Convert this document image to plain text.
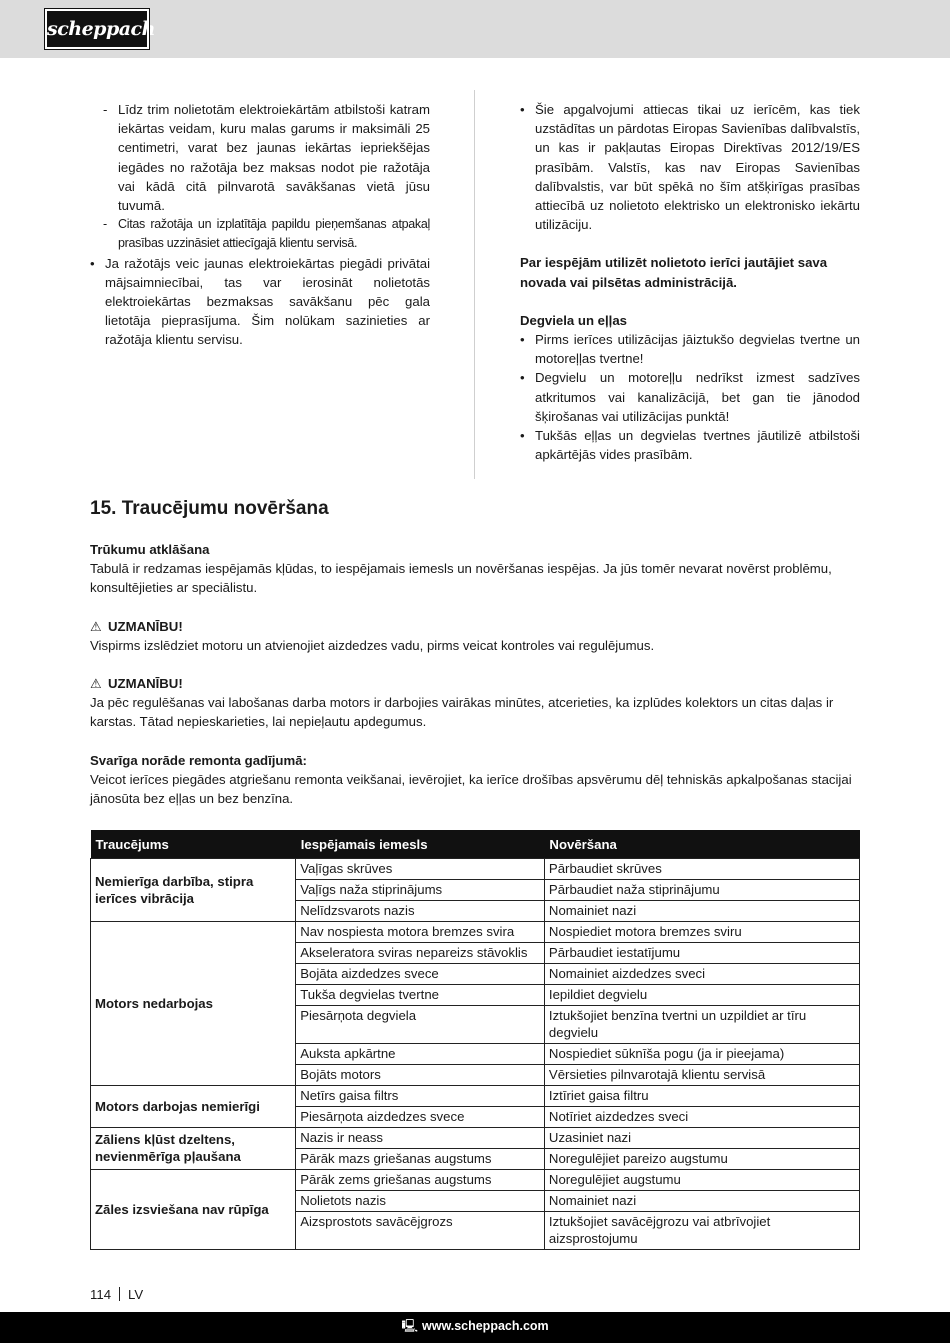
scheppach
- Līdz trim nolietotām elektroiekārtām atbilstoši katram iekārtas veidam, kuru malas garums ir maksimāli 25 centimetri, varat bez jaunas iekārtas iepriekšējas iegādes no ražotāja bez maksas nodot pie ražotāja vai kādā citā pilnvarotā savākšanas vietā jūsu tuvumā.
- Citas ražotāja un izplatītāja papildu pieņemšanas atpakaļ prasības uzzināsiet attiecīgajā klientu servisā.
• Ja ražotājs veic jaunas elektroiekārtas piegādi privātai mājsaimniecībai, tas var ierosināt nolietotās elektroiekārtas bezmaksas savākšanu pēc gala lietotāja pieprasījuma. Šim nolūkam sazinieties ar ražotāja klientu servisu.
• Šie apgalvojumi attiecas tikai uz ierīcēm, kas tiek uzstādītas un pārdotas Eiropas Savienības dalībvalstīs, un kas ir pakļautas Eiropas Direktīvas 2012/19/ES prasībām. Valstīs, kas nav Eiropas Savienības dalībvalstis, var būt spēkā no šīm atšķirīgas prasības attiecībā uz nolietoto elektrisko un elektronisko iekārtu utilizāciju.
Par iespējām utilizēt nolietoto ierīci jautājiet sava novada vai pilsētas administrācijā.
Degviela un eļļas
• Pirms ierīces utilizācijas jāiztukšo degvielas tvertne un motoreļļas tvertne!
• Degvielu un motoreļļu nedrīkst izmest sadzīves atkritumos vai kanalizācijā, bet gan tie jānodod šķirošanas vai utilizācijas punktā!
• Tukšās eļļas un degvielas tvertnes jāutilizē atbilstoši apkārtējās vides prasībām.
15. Traucējumu novēršana
Trūkumu atklāšana
Tabulā ir redzamas iespējamās kļūdas, to iespējamais iemesls un novēršanas iespējas. Ja jūs tomēr nevarat novērst problēmu, konsultējieties ar speciālistu.
⚠ UZMANĪBU!
Vispirms izslēdziet motoru un atvienojiet aizdedzes vadu, pirms veicat kontroles vai regulējumus.
⚠ UZMANĪBU!
Ja pēc regulēšanas vai labošanas darba motors ir darbojies vairākas minūtes, atcerieties, ka izplūdes kolektors un citas daļas ir karstas. Tātad nepieskarieties, lai nepieļautu apdegumus.
Svarīga norāde remonta gadījumā:
Veicot ierīces piegādes atgriešanu remonta veikšanai, ievērojiet, ka ierīce drošības apsvērumu dēļ tehniskās apkalpošanas stacijai jānosūta bez eļļas un bez benzīna.
Traucējums	Iespējamais iemesls	Novēršana
Nemierīga darbība, stipra ierīces vibrācija	Vaļīgas skrūves	Pārbaudiet skrūves
	Vaļīgs naža stiprinājums	Pārbaudiet naža stiprinājumu
	Nelīdzsvarots nazis	Nomainiet nazi
Motors nedarbojas	Nav nospiesta motora bremzes svira	Nospiediet motora bremzes sviru
	Akseleratora sviras nepareizs stāvoklis	Pārbaudiet iestatījumu
	Bojāta aizdedzes svece	Nomainiet aizdedzes sveci
	Tukša degvielas tvertne	Iepildiet degvielu
	Piesārņota degviela	Iztukšojiet benzīna tvertni un uzpildiet ar tīru degvielu
	Auksta apkārtne	Nospiediet sūknīša pogu (ja ir pieejama)
	Bojāts motors	Vērsieties pilnvarotajā klientu servisā
Motors darbojas nemierīgi	Netīrs gaisa filtrs	Iztīriet gaisa filtru
	Piesārņota aizdedzes svece	Notīriet aizdedzes sveci
Zāliens kļūst dzeltens, nevienmērīga pļaušana	Nazis ir neass	Uzasiniet nazi
	Pārāk mazs griešanas augstums	Noregulējiet pareizo augstumu
Zāles izsviešana nav rūpīga	Pārāk zems griešanas augstums	Noregulējiet augstumu
	Nolietots nazis	Nomainiet nazi
	Aizsprostots savācējgrozs	Iztukšojiet savācējgrozu vai atbrīvojiet aizsprostojumu
114 LV
🖳 www.scheppach.com
